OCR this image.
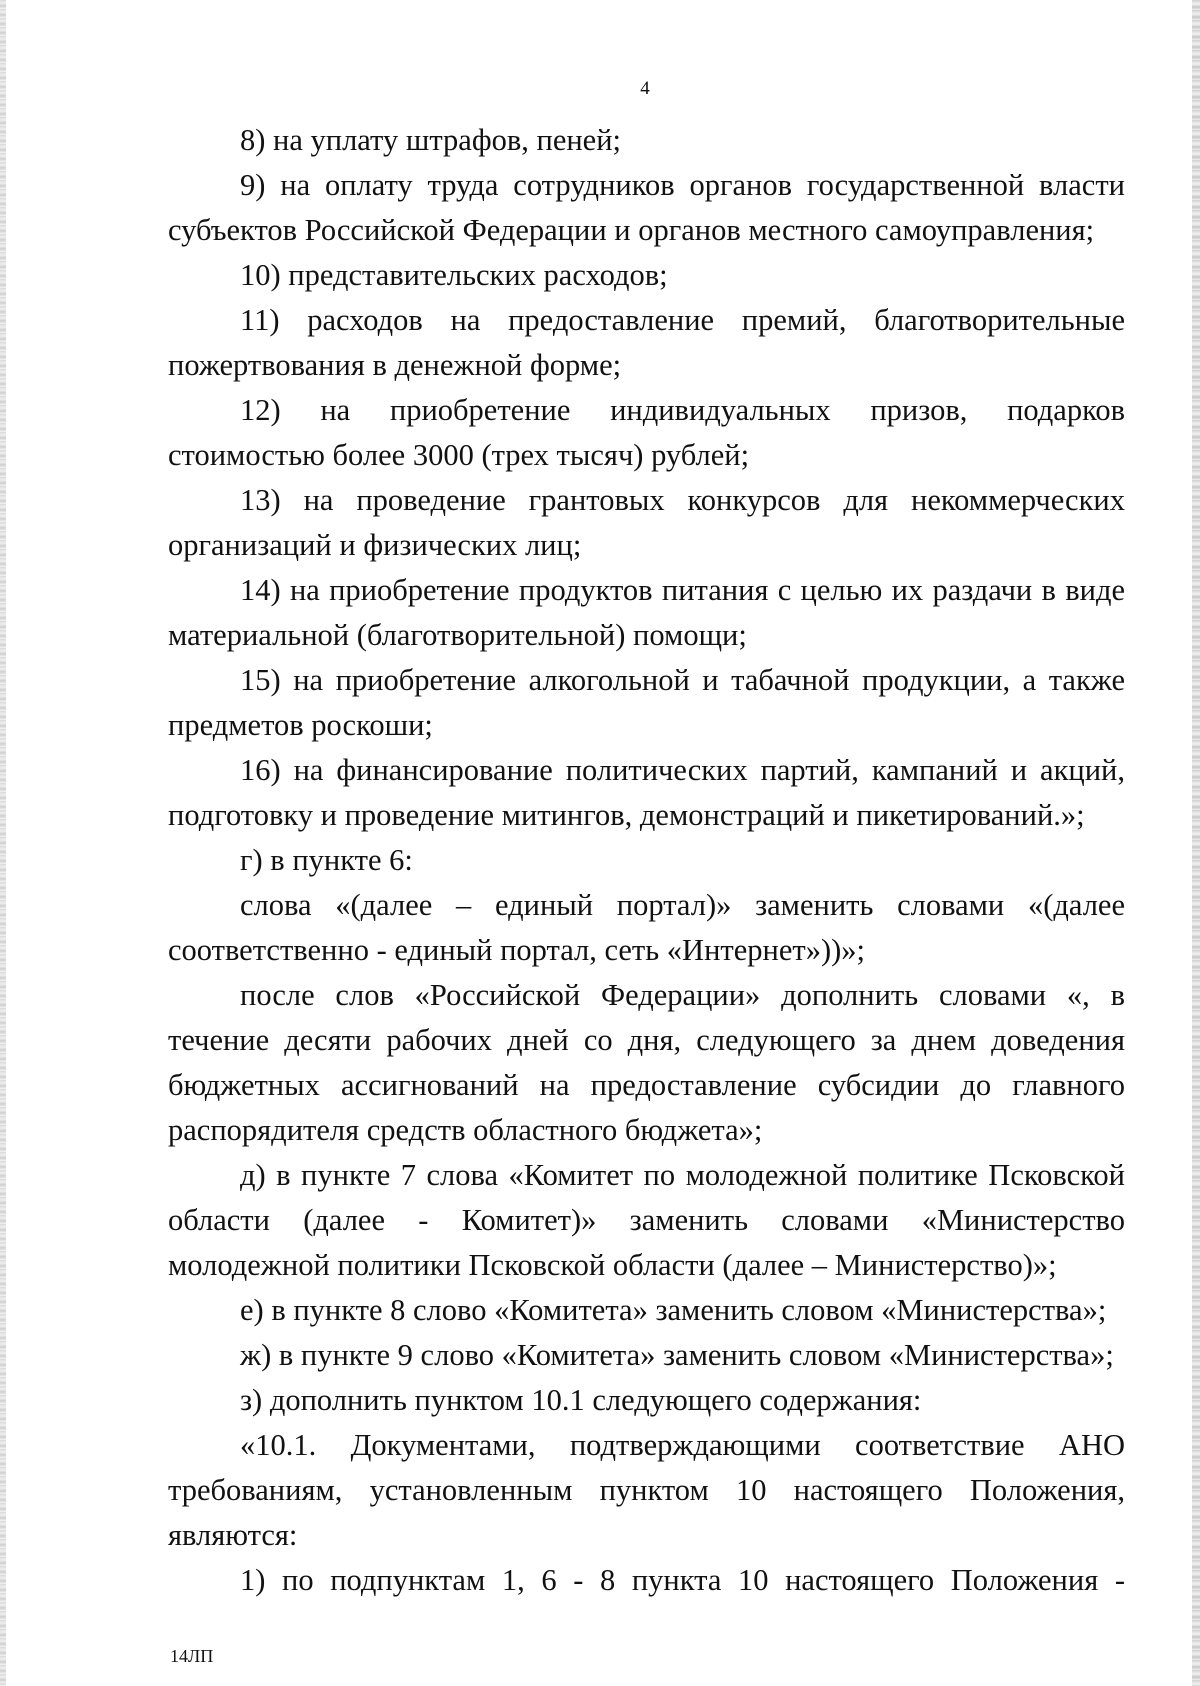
4

8) на уплату штрафов, пеней;

9) на оплату труда сотрудников органов государственной власти субъектов Российской Федерации и органов местного самоуправления;

10) представительских расходов;

11) расходов на предоставление премий, благотворительные пожертвования в денежной форме;

12) на приобретение индивидуальных призов, подарков стоимостью более 3000 (трех тысяч) рублей;

13) на проведение грантовых конкурсов для некоммерческих организаций и физических лиц;

14) на приобретение продуктов питания с целью их раздачи в виде материальной (благотворительной) помощи;

15) на приобретение алкогольной и табачной продукции, а также предметов роскоши;

16) на финансирование политических партий, кампаний и акций, подготовку и проведение митингов, демонстраций и пикетирований.»;

г) в пункте 6:

слова «(далее – единый портал)» заменить словами «(далее соответственно - единый портал, сеть «Интернет»))»;

после слов «Российской Федерации» дополнить словами «, в течение десяти рабочих дней со дня, следующего за днем доведения бюджетных ассигнований на предоставление субсидии до главного распорядителя средств областного бюджета»;

д) в пункте 7 слова «Комитет по молодежной политике Псковской области (далее - Комитет)» заменить словами «Министерство молодежной политики Псковской области (далее – Министерство)»;

е) в пункте 8 слово «Комитета» заменить словом «Министерства»;

ж) в пункте 9 слово «Комитета» заменить словом «Министерства»;

з) дополнить пунктом 10.1 следующего содержания:

«10.1. Документами, подтверждающими соответствие АНО требованиям, установленным пунктом 10 настоящего Положения, являются:

1) по подпунктам 1, 6 - 8 пункта 10 настоящего Положения -

14ЛП
